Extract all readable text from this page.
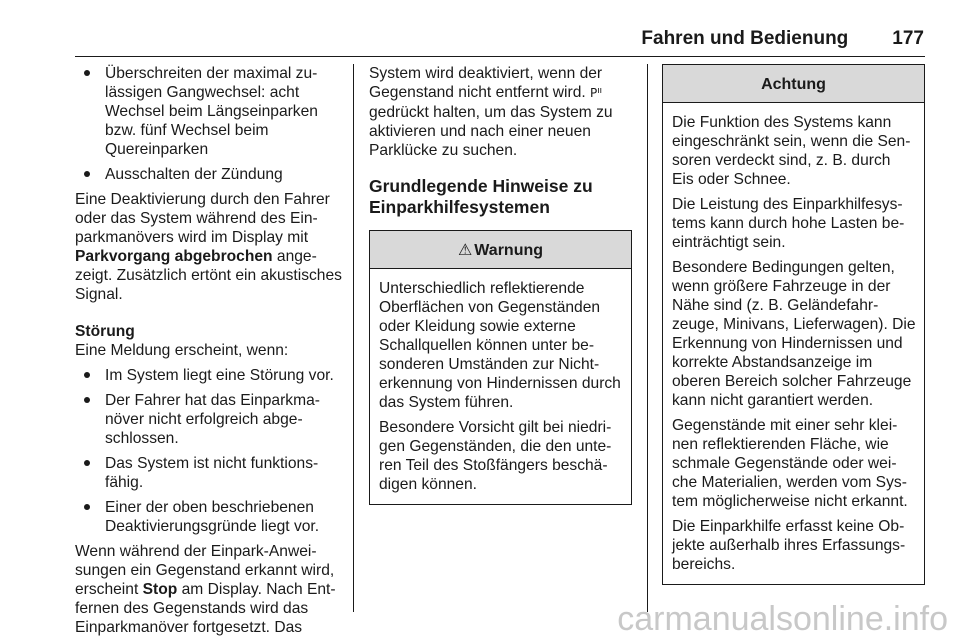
Fahren und Bedienung 177
Überschreiten der maximal zulässigen Gangwechsel: acht Wechsel beim Längseinparken bzw. fünf Wechsel beim Quereinparken
Ausschalten der Zündung

Eine Deaktivierung durch den Fahrer oder das System während des Einparkmanövers wird im Display mit Parkvorgang abgebrochen angezeigt. Zusätzlich ertönt ein akustisches Signal.

Störung

Eine Meldung erscheint, wenn:

Im System liegt eine Störung vor.
Der Fahrer hat das Einparkmanöver nicht erfolgreich abgeschlossen.
Das System ist nicht funktionsfähig.
Einer der oben beschriebenen Deaktivierungsgründe liegt vor.

Wenn während der Einpark-Anweisungen ein Gegenstand erkannt wird, erscheint Stop am Display. Nach Entfernen des Gegenstands wird das Einparkmanöver fortgesetzt. Das

System wird deaktiviert, wenn der Gegenstand nicht entfernt wird. Pᐦ gedrückt halten, um das System zu aktivieren und nach einer neuen Parklücke zu suchen.

Grundlegende Hinweise zu Einparkhilfesystemen
⚠ Warnung

Unterschiedlich reflektierende Oberflächen von Gegenständen oder Kleidung sowie externe Schallquellen können unter besonderen Umständen zur Nichterkennung von Hindernissen durch das System führen.

Besondere Vorsicht gilt bei niedrigen Gegenständen, die den unteren Teil des Stoßfängers beschädigen können.

Achtung

Die Funktion des Systems kann eingeschränkt sein, wenn die Sensoren verdeckt sind, z. B. durch Eis oder Schnee.

Die Leistung des Einparkhilfesystems kann durch hohe Lasten beeinträchtigt sein.

Besondere Bedingungen gelten, wenn größere Fahrzeuge in der Nähe sind (z. B. Geländefahrzeuge, Minivans, Lieferwagen). Die Erkennung von Hindernissen und korrekte Abstandsanzeige im oberen Bereich solcher Fahrzeuge kann nicht garantiert werden.

Gegenstände mit einer sehr kleinen reflektierenden Fläche, wie schmale Gegenstände oder weiche Materialien, werden vom System möglicherweise nicht erkannt.

Die Einparkhilfe erfasst keine Objekte außerhalb ihres Erfassungsbereichs.

carmanualsonline.info
